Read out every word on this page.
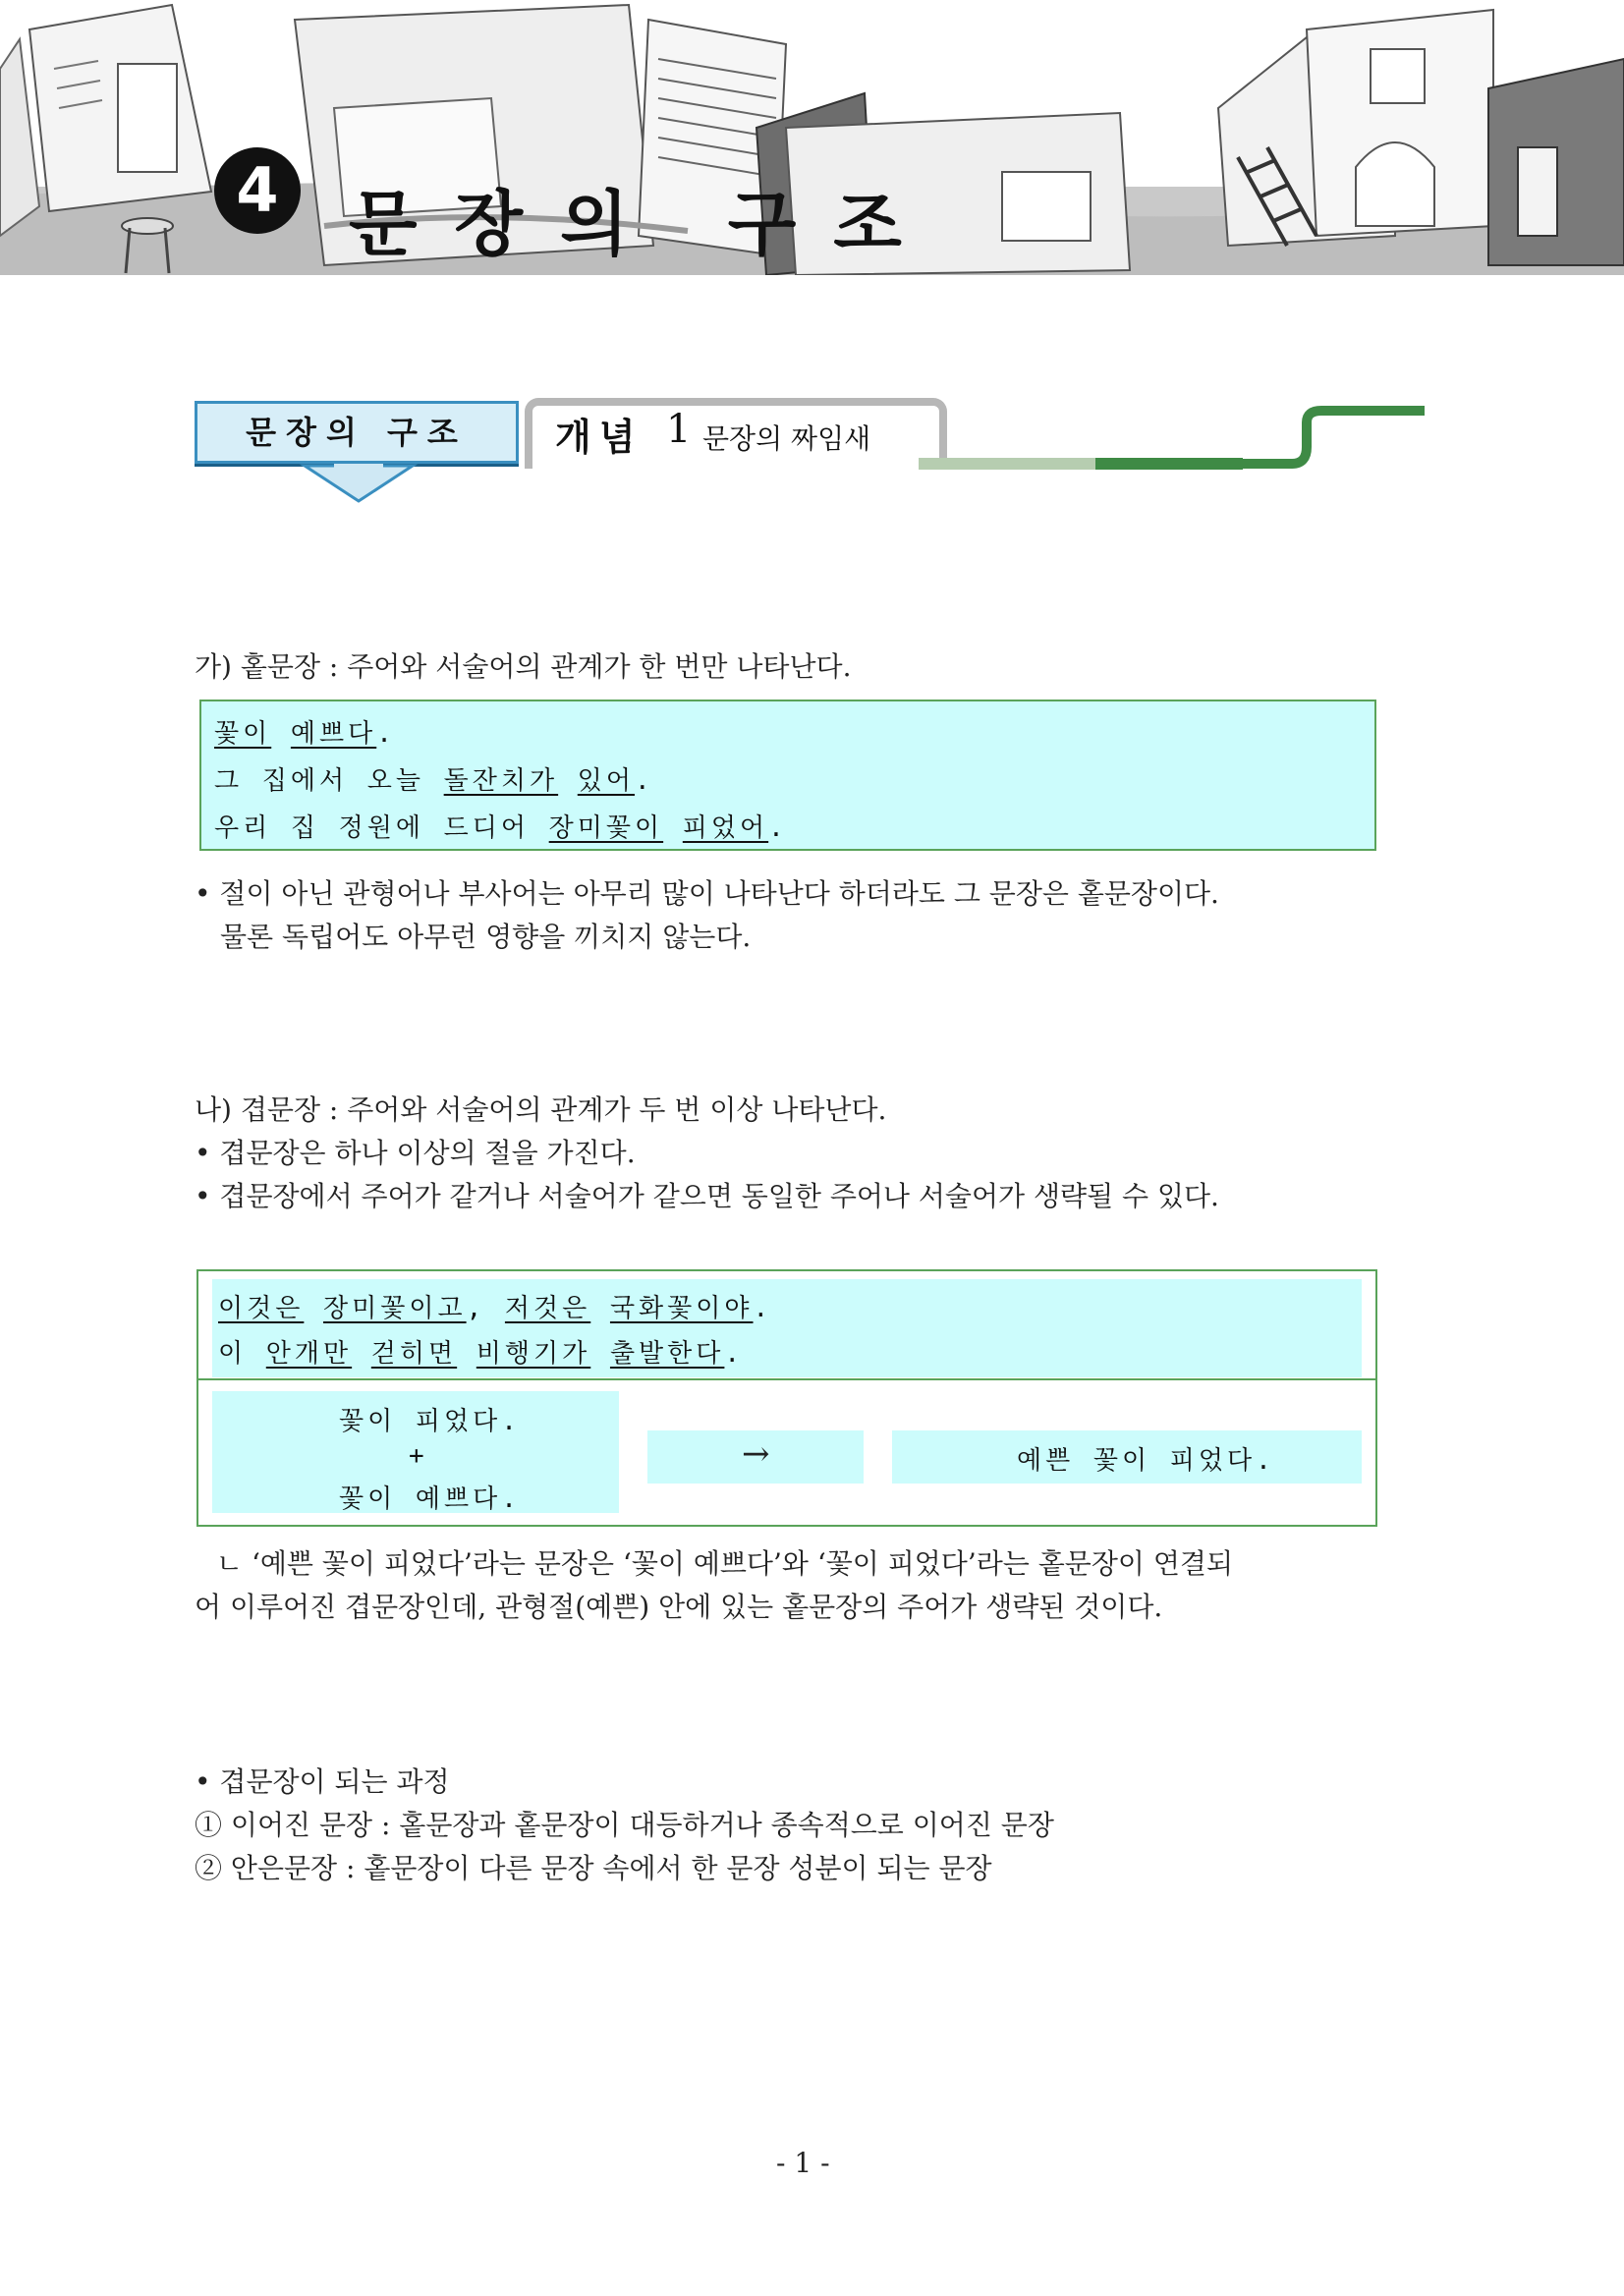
4 문장의 구조
문장의 구조	개념 1 문장의 짜임새
가) 홑문장 : 주어와 서술어의 관계가 한 번만 나타난다.
꽃이 예쁘다.
그 집에서 오늘 돌잔치가 있어.
우리 집 정원에 드디어 장미꽃이 피었어.
• 절이 아닌 관형어나 부사어는 아무리 많이 나타난다 하더라도 그 문장은 홑문장이다.
물론 독립어도 아무런 영향을 끼치지 않는다.
나) 겹문장 : 주어와 서술어의 관계가 두 번 이상 나타난다.
• 겹문장은 하나 이상의 절을 가진다.
• 겹문장에서 주어가 같거나 서술어가 같으면 동일한 주어나 서술어가 생략될 수 있다.
이것은 장미꽃이고, 저것은 국화꽃이야.
이 안개만 걷히면 비행기가 출발한다.
꽃이 피었다.
+
꽃이 예쁘다.
→	예쁜 꽃이 피었다.
ㄴ ‘예쁜 꽃이 피었다’라는 문장은 ‘꽃이 예쁘다’와 ‘꽃이 피었다’라는 홑문장이 연결되
어 이루어진 겹문장인데, 관형절(예쁜) 안에 있는 홑문장의 주어가 생략된 것이다.
• 겹문장이 되는 과정
① 이어진 문장 : 홑문장과 홑문장이 대등하거나 종속적으로 이어진 문장
② 안은문장 : 홑문장이 다른 문장 속에서 한 문장 성분이 되는 문장
- 1 -
